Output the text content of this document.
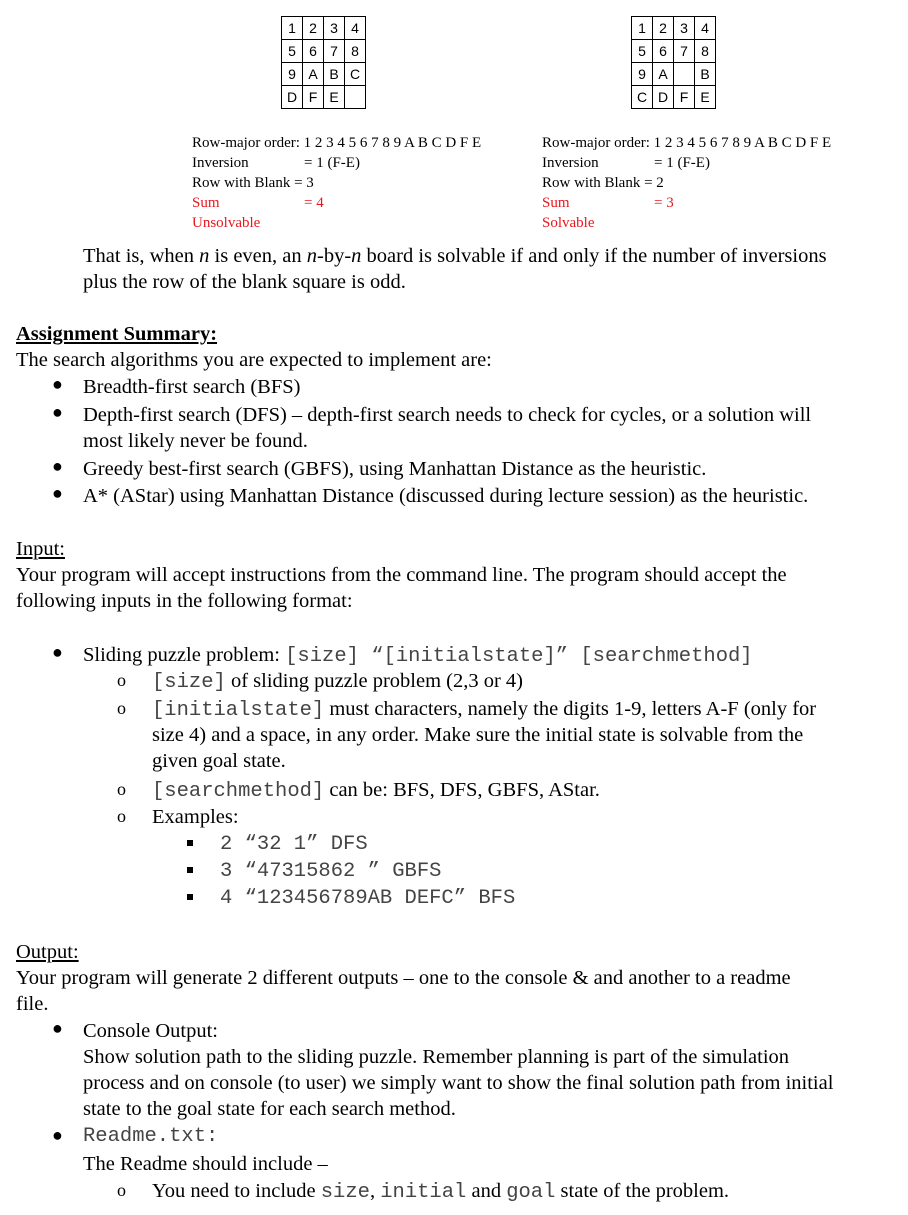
1	2	3	4
5	6	7	8
9	A	B	C
D	F	E	
1	2	3	4
5	6	7	8
9	A		B
C	D	F	E
Row-major order: 1 2 3 4 5 6 7 8 9 A B C D F E
Inversion	= 1 (F-E)
Row with Blank = 3
Sum	= 4
Unsolvable
Row-major order: 1 2 3 4 5 6 7 8 9 A B C D F E
Inversion	= 1 (F-E)
Row with Blank = 2
Sum	= 3
Solvable
That is, when n is even, an n-by-n board is solvable if and only if the number of inversions
plus the row of the blank square is odd.
Assignment Summary:
The search algorithms you are expected to implement are:
● Breadth-first search (BFS)
● Depth-first search (DFS) – depth-first search needs to check for cycles, or a solution will
most likely never be found.
● Greedy best-first search (GBFS), using Manhattan Distance as the heuristic.
● A* (AStar) using Manhattan Distance (discussed during lecture session) as the heuristic.
Input:
Your program will accept instructions from the command line. The program should accept the
following inputs in the following format:
● Sliding puzzle problem: [size] “[initialstate]” [searchmethod]
o [size] of sliding puzzle problem (2,3 or 4)
o [initialstate] must characters, namely the digits 1-9, letters A-F (only for
size 4) and a space, in any order. Make sure the initial state is solvable from the
given goal state.
o [searchmethod] can be: BFS, DFS, GBFS, AStar.
o Examples:
2 “32 1” DFS
3 “47315862 ” GBFS
4 “123456789AB DEFC” BFS
Output:
Your program will generate 2 different outputs – one to the console & and another to a readme
file.
● Console Output:
Show solution path to the sliding puzzle. Remember planning is part of the simulation
process and on console (to user) we simply want to show the final solution path from initial
state to the goal state for each search method.
● Readme.txt:
The Readme should include –
o You need to include size, initial and goal state of the problem.
